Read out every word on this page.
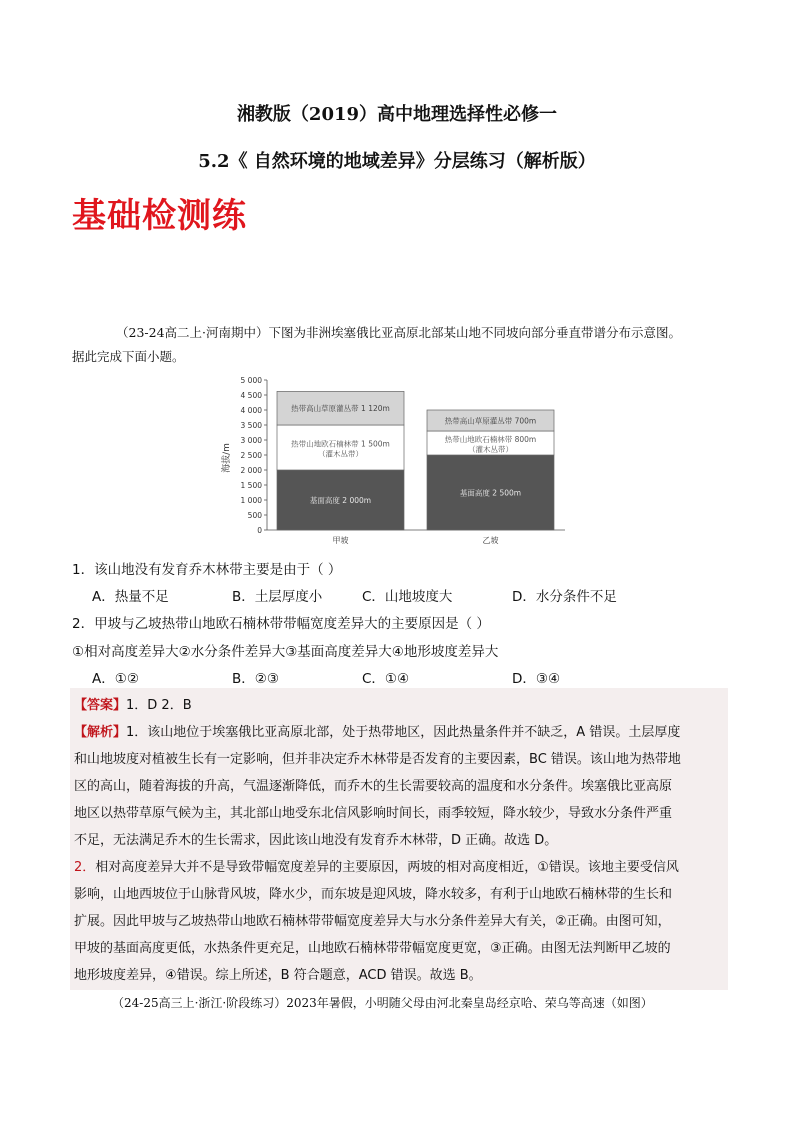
湘教版（2019）高中地理选择性必修一
5.2《 自然环境的地域差异》分层练习（解析版）
基础检测练
（23-24高二上·河南期中）下图为非洲埃塞俄比亚高原北部某山地不同坡向部分垂直带谱分布示意图。
据此完成下面小题。
海拔/m
0
500
1 000
1 500
2 000
2 500
3 000
3 500
4 000
4 500
5 000
基面高度 2 000m
热带山地欧石楠林带 1 500m
（灌木丛带）
热带高山草原灌丛带 1 120m
基面高度 2 500m
热带山地欧石楠林带 800m
（灌木丛带）
热带高山草原灌丛带 700m
甲坡	乙坡
1．该山地没有发育乔木林带主要是由于（ ）
A．热量不足	B．土层厚度小	C．山地坡度大	D．水分条件不足
2．甲坡与乙坡热带山地欧石楠林带带幅宽度差异大的主要原因是（ ）
①相对高度差异大②水分条件差异大③基面高度差异大④地形坡度差异大
A．①②	B．②③	C．①④	D．③④
【答案】1．D 2．B
【解析】1．该山地位于埃塞俄比亚高原北部，处于热带地区，因此热量条件并不缺乏，A 错误。土层厚度
和山地坡度对植被生长有一定影响，但并非决定乔木林带是否发育的主要因素，BC 错误。该山地为热带地
区的高山，随着海拔的升高，气温逐渐降低，而乔木的生长需要较高的温度和水分条件。埃塞俄比亚高原
地区以热带草原气候为主，其北部山地受东北信风影响时间长，雨季较短，降水较少，导致水分条件严重
不足，无法满足乔木的生长需求，因此该山地没有发育乔木林带，D 正确。故选 D。
2．相对高度差异大并不是导致带幅宽度差异的主要原因，两坡的相对高度相近，①错误。该地主要受信风
影响，山地西坡位于山脉背风坡，降水少，而东坡是迎风坡，降水较多，有利于山地欧石楠林带的生长和
扩展。因此甲坡与乙坡热带山地欧石楠林带带幅宽度差异大与水分条件差异大有关，②正确。由图可知，
甲坡的基面高度更低，水热条件更充足，山地欧石楠林带带幅宽度更宽，③正确。由图无法判断甲乙坡的
地形坡度差异，④错误。综上所述，B 符合题意，ACD 错误。故选 B。
（24-25高三上·浙江·阶段练习）2023年暑假，小明随父母由河北秦皇岛经京哈、荣乌等高速（如图）
